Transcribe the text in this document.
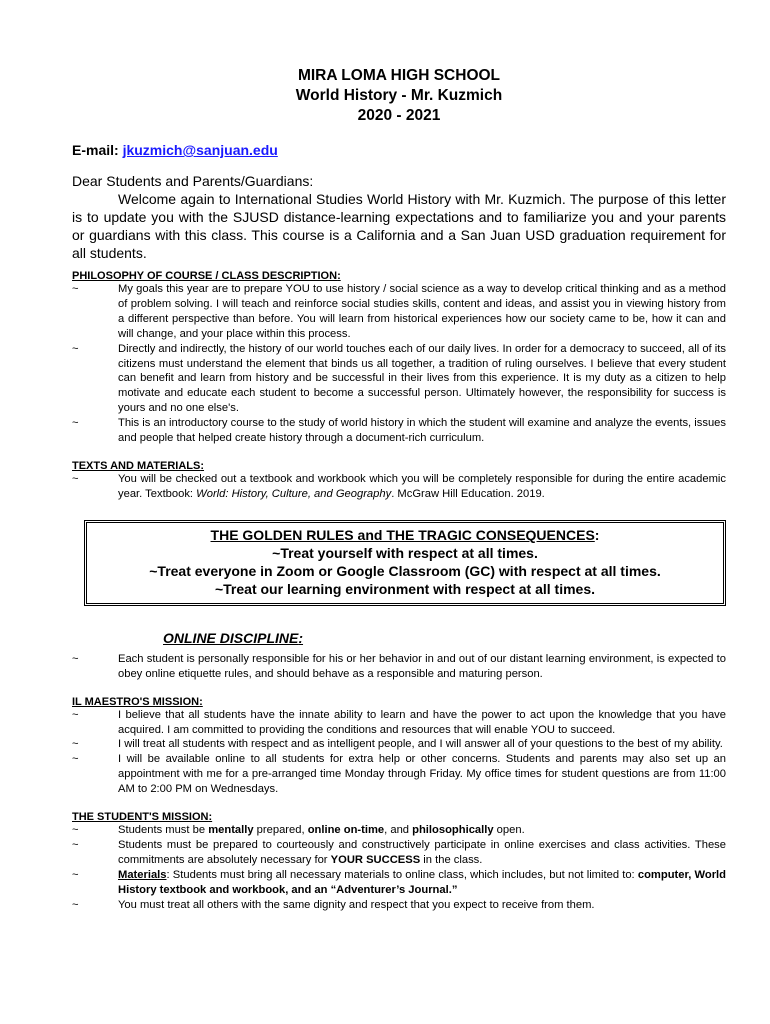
MIRA LOMA HIGH SCHOOL
World History - Mr. Kuzmich
2020 - 2021
E-mail: jkuzmich@sanjuan.edu
Dear Students and Parents/Guardians:
Welcome again to International Studies World History with Mr. Kuzmich. The purpose of this letter is to update you with the SJUSD distance-learning expectations and to familiarize you and your parents or guardians with this class. This course is a California and a San Juan USD graduation requirement for all students.
PHILOSOPHY OF COURSE / CLASS DESCRIPTION:
~	My goals this year are to prepare YOU to use history / social science as a way to develop critical thinking and as a method of problem solving. I will teach and reinforce social studies skills, content and ideas, and assist you in viewing history from a different perspective than before. You will learn from historical experiences how our society came to be, how it can and will change, and your place within this process.
~	Directly and indirectly, the history of our world touches each of our daily lives. In order for a democracy to succeed, all of its citizens must understand the element that binds us all together, a tradition of ruling ourselves. I believe that every student can benefit and learn from history and be successful in their lives from this experience. It is my duty as a citizen to help motivate and educate each student to become a successful person. Ultimately however, the responsibility for success is yours and no one else's.
~	This is an introductory course to the study of world history in which the student will examine and analyze the events, issues and people that helped create history through a document-rich curriculum.
TEXTS AND MATERIALS:
~	You will be checked out a textbook and workbook which you will be completely responsible for during the entire academic year. Textbook: World: History, Culture, and Geography. McGraw Hill Education. 2019.
THE GOLDEN RULES and THE TRAGIC CONSEQUENCES:
~Treat yourself with respect at all times.
~Treat everyone in Zoom or Google Classroom (GC) with respect at all times.
~Treat our learning environment with respect at all times.
ONLINE DISCIPLINE:
~	Each student is personally responsible for his or her behavior in and out of our distant learning environment, is expected to obey online etiquette rules, and should behave as a responsible and maturing person.
IL MAESTRO'S MISSION:
~	I believe that all students have the innate ability to learn and have the power to act upon the knowledge that you have acquired. I am committed to providing the conditions and resources that will enable YOU to succeed.
~	I will treat all students with respect and as intelligent people, and I will answer all of your questions to the best of my ability.
~	I will be available online to all students for extra help or other concerns. Students and parents may also set up an appointment with me for a pre-arranged time Monday through Friday. My office times for student questions are from 11:00 AM to 2:00 PM on Wednesdays.
THE STUDENT'S MISSION:
~	Students must be mentally prepared, online on-time, and philosophically open.
~	Students must be prepared to courteously and constructively participate in online exercises and class activities. These commitments are absolutely necessary for YOUR SUCCESS in the class.
~	Materials: Students must bring all necessary materials to online class, which includes, but not limited to: computer, World History textbook and workbook, and an “Adventurer’s Journal.”
~	You must treat all others with the same dignity and respect that you expect to receive from them.
